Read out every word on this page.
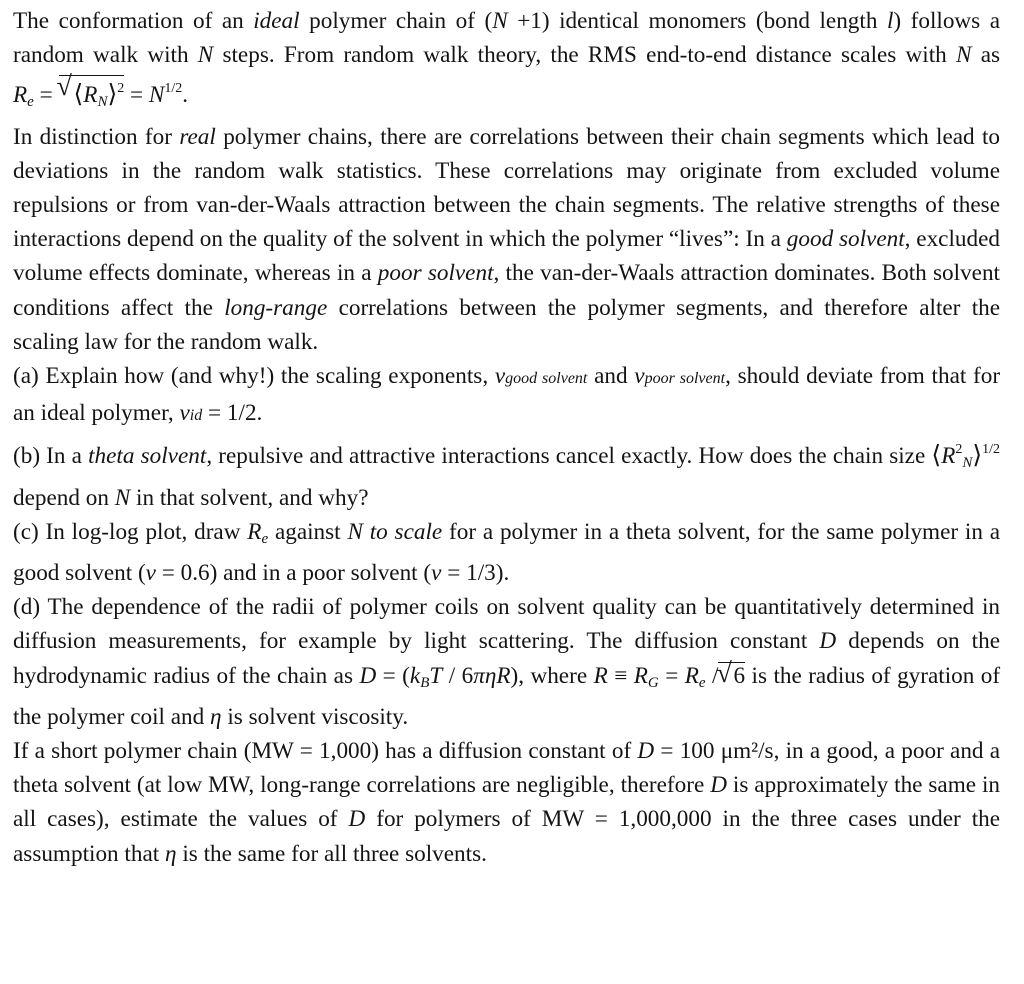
The conformation of an ideal polymer chain of (N +1) identical monomers (bond length l) follows a random walk with N steps. From random walk theory, the RMS end-to-end distance scales with N as $R_e$ = √ $⟨R_N⟩^2 = N^{1/2}$.

In distinction for real polymer chains, there are correlations between their chain segments which lead to deviations in the random walk statistics. These correlations may originate from excluded volume repulsions or from van-der-Waals attraction between the chain segments. The relative strengths of these interactions depend on the quality of the solvent in which the polymer “lives”: In a good solvent, excluded volume effects dominate, whereas in a poor solvent, the van-der-Waals attraction dominates. Both solvent conditions affect the long-range correlations between the polymer segments, and therefore alter the scaling law for the random walk.

(a) Explain how (and why!) the scaling exponents, νgood solvent and νpoor solvent, should deviate from that for an ideal polymer, νid = 1/2.

(b) In a theta solvent, repulsive and attractive interactions cancel exactly. How does the chain size $⟨R^2_N⟩^{1/2}$ depend on N in that solvent, and why?

(c) In log-log plot, draw $R_e$ against N to scale for a polymer in a theta solvent, for the same polymer in a good solvent (ν = 0.6) and in a poor solvent (ν = 1/3).

(d) The dependence of the radii of polymer coils on solvent quality can be quantitatively determined in diffusion measurements, for example by light scattering. The diffusion constant D depends on the hydrodynamic radius of the chain as $D = (k_BT / 6\pi\eta R)$, where $R \equiv R_G = R_e$ / √ 6 is the radius of gyration of the polymer coil and η is solvent viscosity.

If a short polymer chain (MW = 1,000) has a diffusion constant of D = 100 μm²/s, in a good, a poor and a theta solvent (at low MW, long-range correlations are negligible, therefore D is approximately the same in all cases), estimate the values of D for polymers of MW = 1,000,000 in the three cases under the assumption that η is the same for all three solvents.
